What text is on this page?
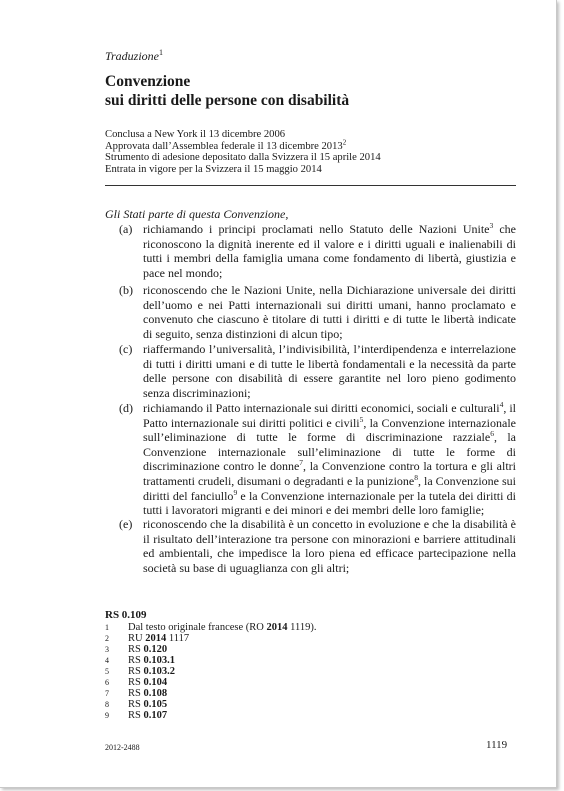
Traduzione$^1$
Convenzione
sui diritti delle persone con disabilità
Conclusa a New York il 13 dicembre 2006
Approvata dall’Assemblea federale il 13 dicembre 2013$^2$
Strumento di adesione depositato dalla Svizzera il 15 aprile 2014
Entrata in vigore per la Svizzera il 15 maggio 2014
Gli Stati parte di questa Convenzione,
(a) richiamando i principi proclamati nello Statuto delle Nazioni Unite$^3$ che riconoscono la dignità inerente ed il valore e i diritti uguali e inalienabili di tutti i membri della famiglia umana come fondamento di libertà, giustizia e pace nel mondo;
(b) riconoscendo che le Nazioni Unite, nella Dichiarazione universale dei diritti dell’uomo e nei Patti internazionali sui diritti umani, hanno proclamato e convenuto che ciascuno è titolare di tutti i diritti e di tutte le libertà indicate di seguito, senza distinzioni di alcun tipo;
(c) riaffermando l’universalità, l’indivisibilità, l’interdipendenza e interrelazione di tutti i diritti umani e di tutte le libertà fondamentali e la necessità da parte delle persone con disabilità di essere garantite nel loro pieno godimento senza discriminazioni;
(d) richiamando il Patto internazionale sui diritti economici, sociali e culturali$^4$, il Patto internazionale sui diritti politici e civili$^5$, la Convenzione internazionale sull’eliminazione di tutte le forme di discriminazione razziale$^6$, la Convenzione internazionale sull’eliminazione di tutte le forme di discriminazione contro le donne$^7$, la Convenzione contro la tortura e gli altri trattamenti crudeli, disumani o degradanti e la punizione$^8$, la Convenzione sui diritti del fanciullo$^9$ e la Convenzione internazionale per la tutela dei diritti di tutti i lavoratori migranti e dei minori e dei membri delle loro famiglie;
(e) riconoscendo che la disabilità è un concetto in evoluzione e che la disabilità è il risultato dell’interazione tra persone con minorazioni e barriere attitudinali ed ambientali, che impedisce la loro piena ed efficace partecipazione nella società su base di uguaglianza con gli altri;
RS 0.109
1	Dal testo originale francese (RO 2014 1119).
2	RU 2014 1117
3	RS 0.120
4	RS 0.103.1
5	RS 0.103.2
6	RS 0.104
7	RS 0.108
8	RS 0.105
9	RS 0.107
2012-2488	1119
